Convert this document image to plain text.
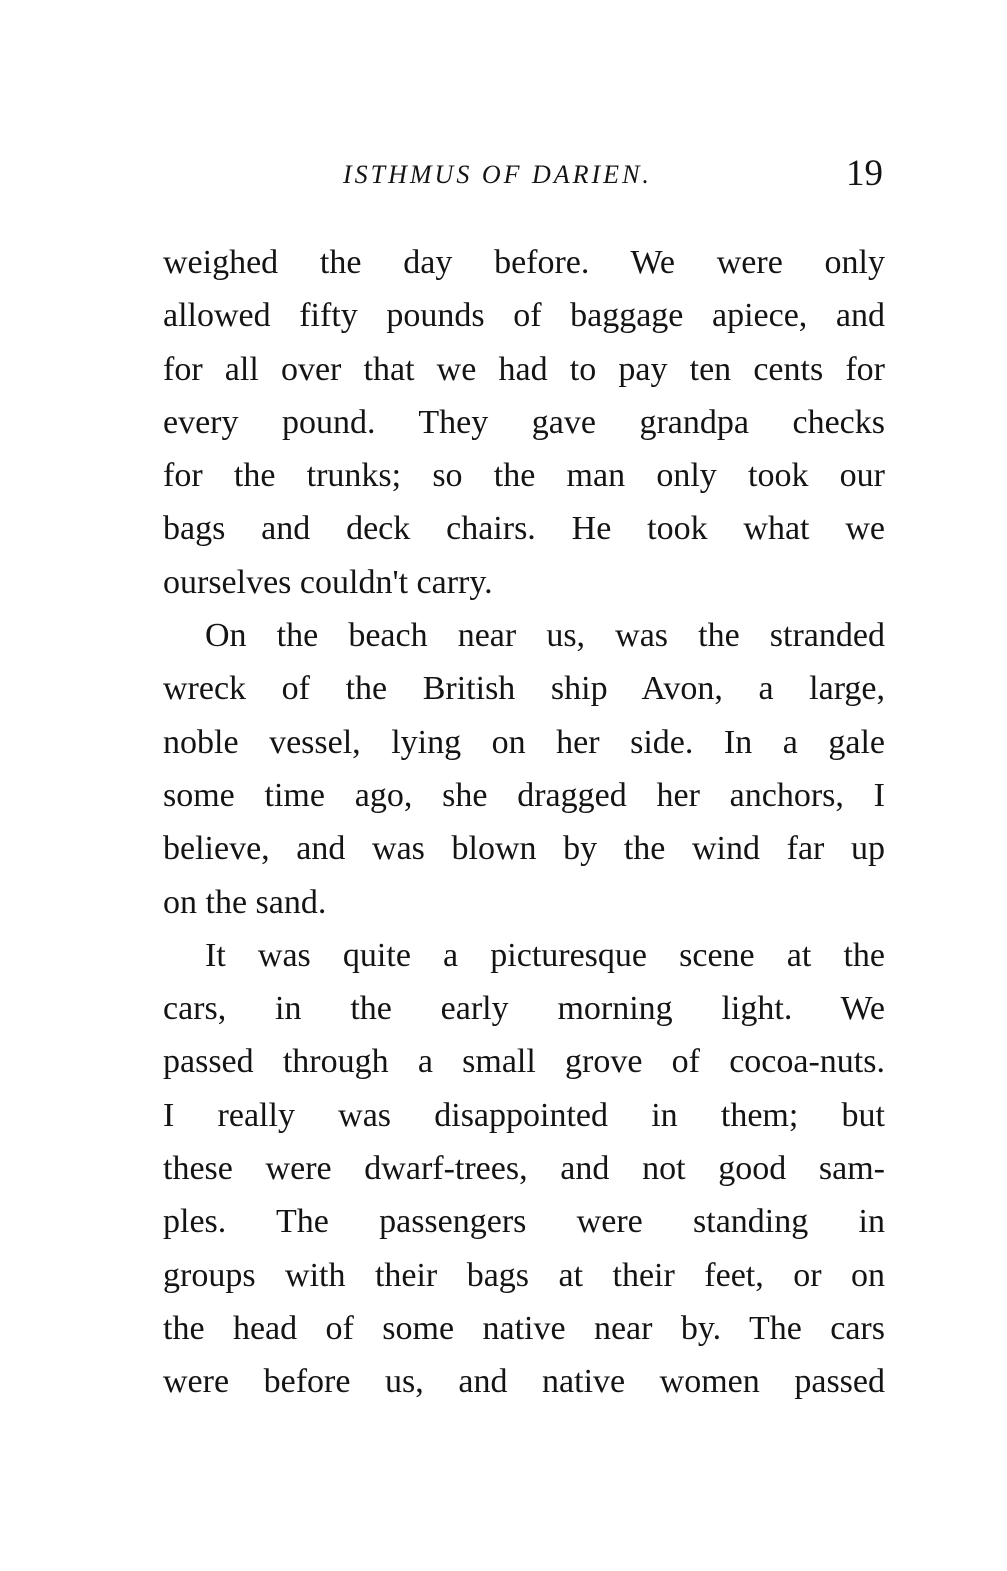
ISTHMUS OF DARIEN.	19
weighed the day before. We were only
allowed fifty pounds of baggage apiece, and
for all over that we had to pay ten cents for
every pound. They gave grandpa checks
for the trunks; so the man only took our
bags and deck chairs. He took what we
ourselves couldn't carry.
On the beach near us, was the stranded
wreck of the British ship Avon, a large,
noble vessel, lying on her side. In a gale
some time ago, she dragged her anchors, I
believe, and was blown by the wind far up
on the sand.
It was quite a picturesque scene at the
cars, in the early morning light. We
passed through a small grove of cocoa-nuts.
I really was disappointed in them; but
these were dwarf-trees, and not good sam-
ples. The passengers were standing in
groups with their bags at their feet, or on
the head of some native near by. The cars
were before us, and native women passed
